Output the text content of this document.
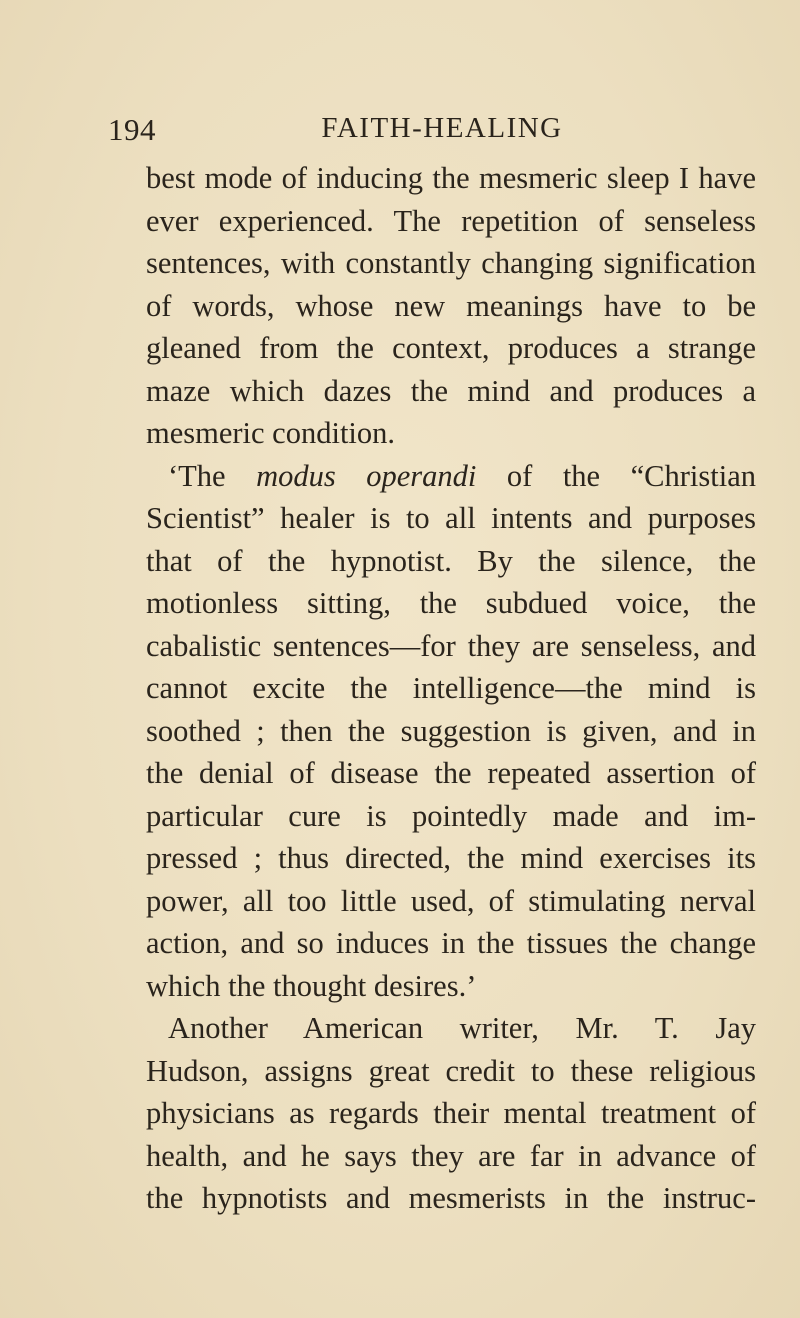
194	FAITH-HEALING
best mode of inducing the mesmeric sleep I have
ever experienced. The repetition of senseless
sentences, with constantly changing signification
of words, whose new meanings have to be
gleaned from the context, produces a strange
maze which dazes the mind and produces a
mesmeric condition.
‘The modus operandi of the “Christian
Scientist” healer is to all intents and purposes
that of the hypnotist. By the silence, the
motionless sitting, the subdued voice, the
cabalistic sentences—for they are senseless, and
cannot excite the intelligence—the mind is
soothed ; then the suggestion is given, and in
the denial of disease the repeated assertion of
particular cure is pointedly made and im-
pressed ; thus directed, the mind exercises its
power, all too little used, of stimulating nerval
action, and so induces in the tissues the change
which the thought desires.’
Another American writer, Mr. T. Jay
Hudson, assigns great credit to these religious
physicians as regards their mental treatment of
health, and he says they are far in advance of
the hypnotists and mesmerists in the instruc-
